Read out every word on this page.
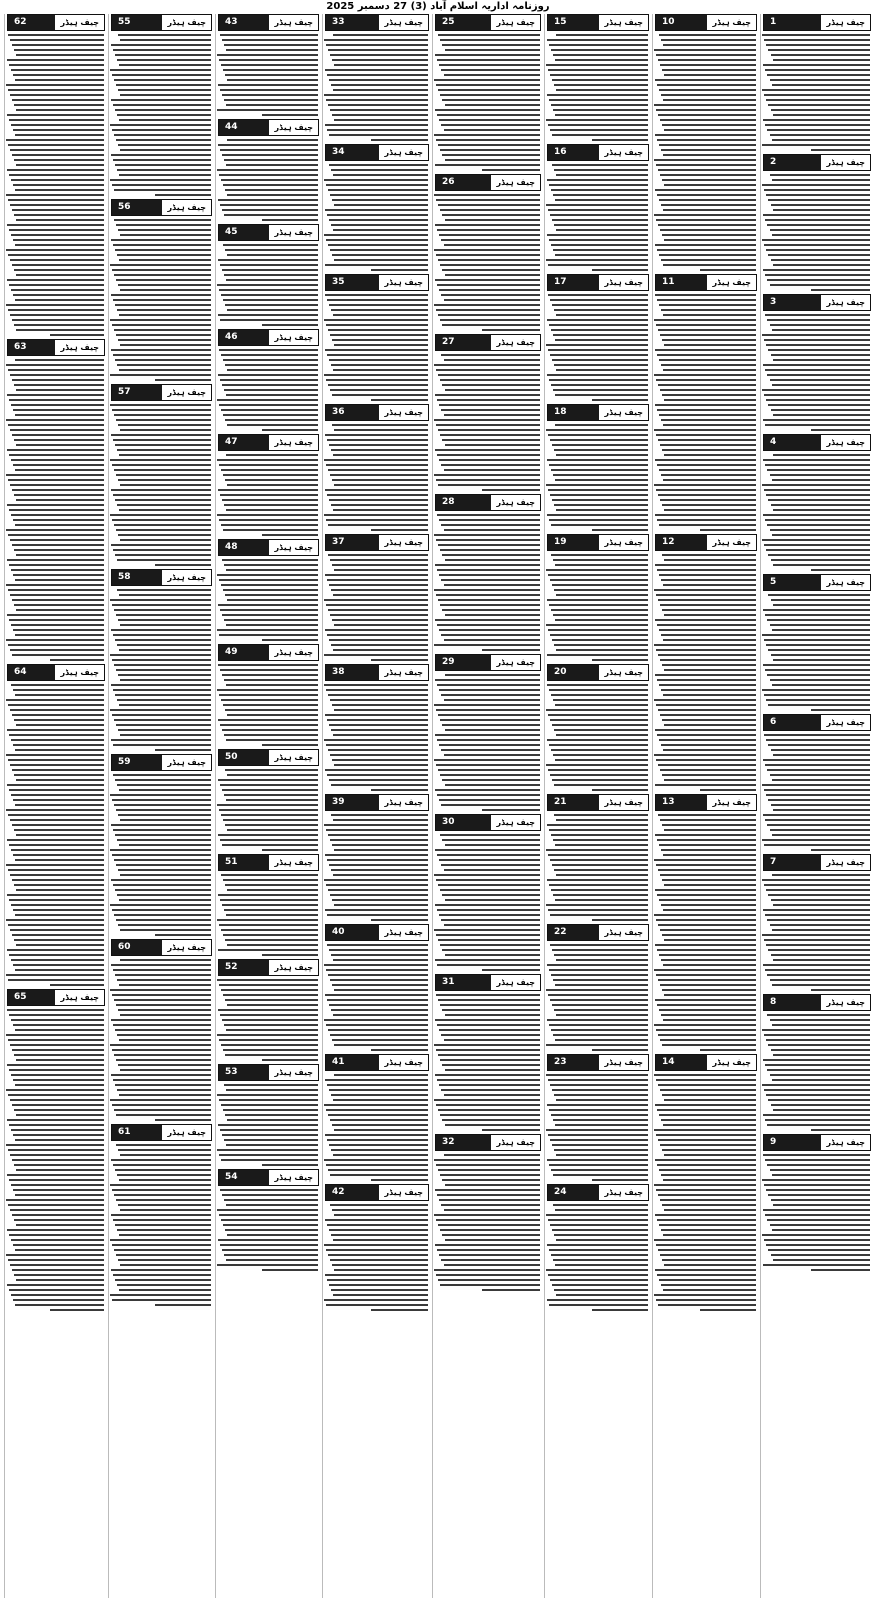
روزنامہ اداریہ اسلام آباد (3) 27 دسمبر 2025
چیف ہیڈر
1
چیف ہیڈر
2
چیف ہیڈر
3
چیف ہیڈر
4
چیف ہیڈر
5
چیف ہیڈر
6
چیف ہیڈر
7
چیف ہیڈر
8
چیف ہیڈر
9
چیف ہیڈر
10
چیف ہیڈر
11
چیف ہیڈر
12
چیف ہیڈر
13
چیف ہیڈر
14
چیف ہیڈر
15
چیف ہیڈر
16
چیف ہیڈر
17
چیف ہیڈر
18
چیف ہیڈر
19
چیف ہیڈر
20
چیف ہیڈر
21
چیف ہیڈر
22
چیف ہیڈر
23
چیف ہیڈر
24
چیف ہیڈر
25
چیف ہیڈر
26
چیف ہیڈر
27
چیف ہیڈر
28
چیف ہیڈر
29
چیف ہیڈر
30
چیف ہیڈر
31
چیف ہیڈر
32
چیف ہیڈر
33
چیف ہیڈر
34
چیف ہیڈر
35
چیف ہیڈر
36
چیف ہیڈر
37
چیف ہیڈر
38
چیف ہیڈر
39
چیف ہیڈر
40
چیف ہیڈر
41
چیف ہیڈر
42
چیف ہیڈر
43
چیف ہیڈر
44
چیف ہیڈر
45
چیف ہیڈر
46
چیف ہیڈر
47
چیف ہیڈر
48
چیف ہیڈر
49
چیف ہیڈر
50
چیف ہیڈر
51
چیف ہیڈر
52
چیف ہیڈر
53
چیف ہیڈر
54
چیف ہیڈر
55
چیف ہیڈر
56
چیف ہیڈر
57
چیف ہیڈر
58
چیف ہیڈر
59
چیف ہیڈر
60
چیف ہیڈر
61
چیف ہیڈر
62
چیف ہیڈر
63
چیف ہیڈر
64
چیف ہیڈر
65
